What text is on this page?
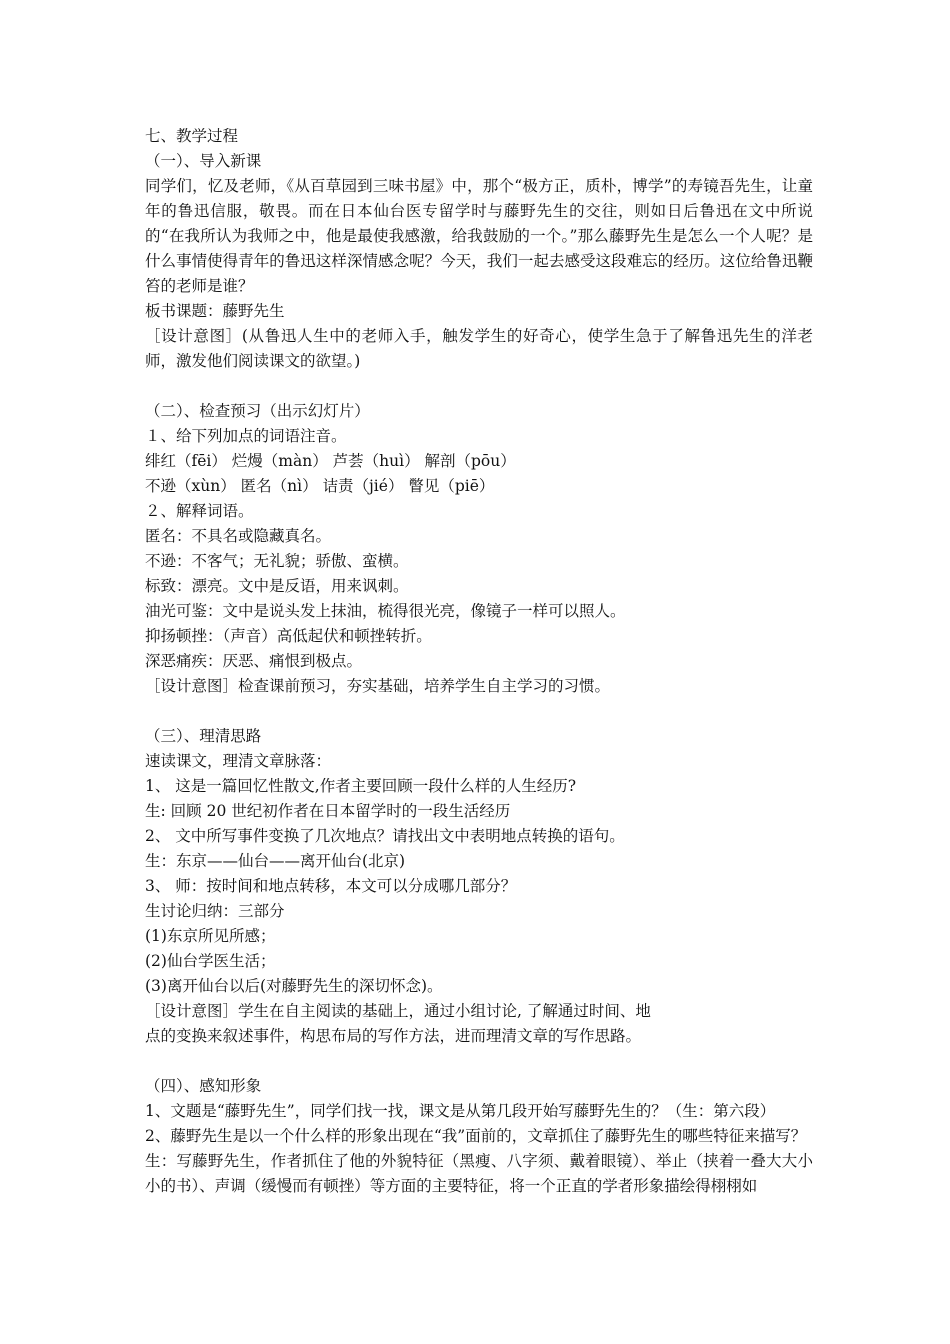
七、教学过程
（一）、导入新课
同学们，忆及老师，《从百草园到三味书屋》中，那个“极方正，质朴，博学”的寿镜吾先生，让童年的鲁迅信服，敬畏。而在日本仙台医专留学时与藤野先生的交往，则如日后鲁迅在文中所说的“在我所认为我师之中，他是最使我感激，给我鼓励的一个。”那么藤野先生是怎么一个人呢？是什么事情使得青年的鲁迅这样深情感念呢？今天，我们一起去感受这段难忘的经历。这位给鲁迅鞭笞的老师是谁？
板书课题：藤野先生
［设计意图］(从鲁迅人生中的老师入手，触发学生的好奇心，使学生急于了解鲁迅先生的洋老师，激发他们阅读课文的欲望。)
（二）、检查预习（出示幻灯片）
１、给下列加点的词语注音。
绯红（fēi） 烂熳（màn） 芦荟（huì） 解剖（pōu）
不逊（xùn） 匿名（nì） 诘责（jié） 瞥见（piē）
２、解释词语。
匿名：不具名或隐藏真名。
不逊：不客气；无礼貌；骄傲、蛮横。
标致：漂亮。文中是反语，用来讽刺。
油光可鉴：文中是说头发上抹油，梳得很光亮，像镜子一样可以照人。
抑扬顿挫：（声音）高低起伏和顿挫转折。
深恶痛疾：厌恶、痛恨到极点。
［设计意图］检查课前预习，夯实基础，培养学生自主学习的习惯。
（三）、理清思路
速读课文，理清文章脉落：
1、 这是一篇回忆性散文,作者主要回顾一段什么样的人生经历?
生: 回顾 20 世纪初作者在日本留学时的一段生活经历
2、 文中所写事件变换了几次地点？请找出文中表明地点转换的语句。
生：东京——仙台——离开仙台(北京)
3、 师：按时间和地点转移，本文可以分成哪几部分？
生讨论归纳：三部分
(1)东京所见所感；
(2)仙台学医生活；
(3)离开仙台以后(对藤野先生的深切怀念)。
［设计意图］学生在自主阅读的基础上，通过小组讨论, 了解通过时间、地
点的变换来叙述事件，构思布局的写作方法，进而理清文章的写作思路。
（四）、感知形象
1、文题是“藤野先生”，同学们找一找，课文是从第几段开始写藤野先生的？（生：第六段）
2、藤野先生是以一个什么样的形象出现在“我”面前的，文章抓住了藤野先生的哪些特征来描写？
生：写藤野先生，作者抓住了他的外貌特征（黑瘦、八字须、戴着眼镜）、举止（挟着一叠大大小小的书）、声调（缓慢而有顿挫）等方面的主要特征，将一个正直的学者形象描绘得栩栩如
